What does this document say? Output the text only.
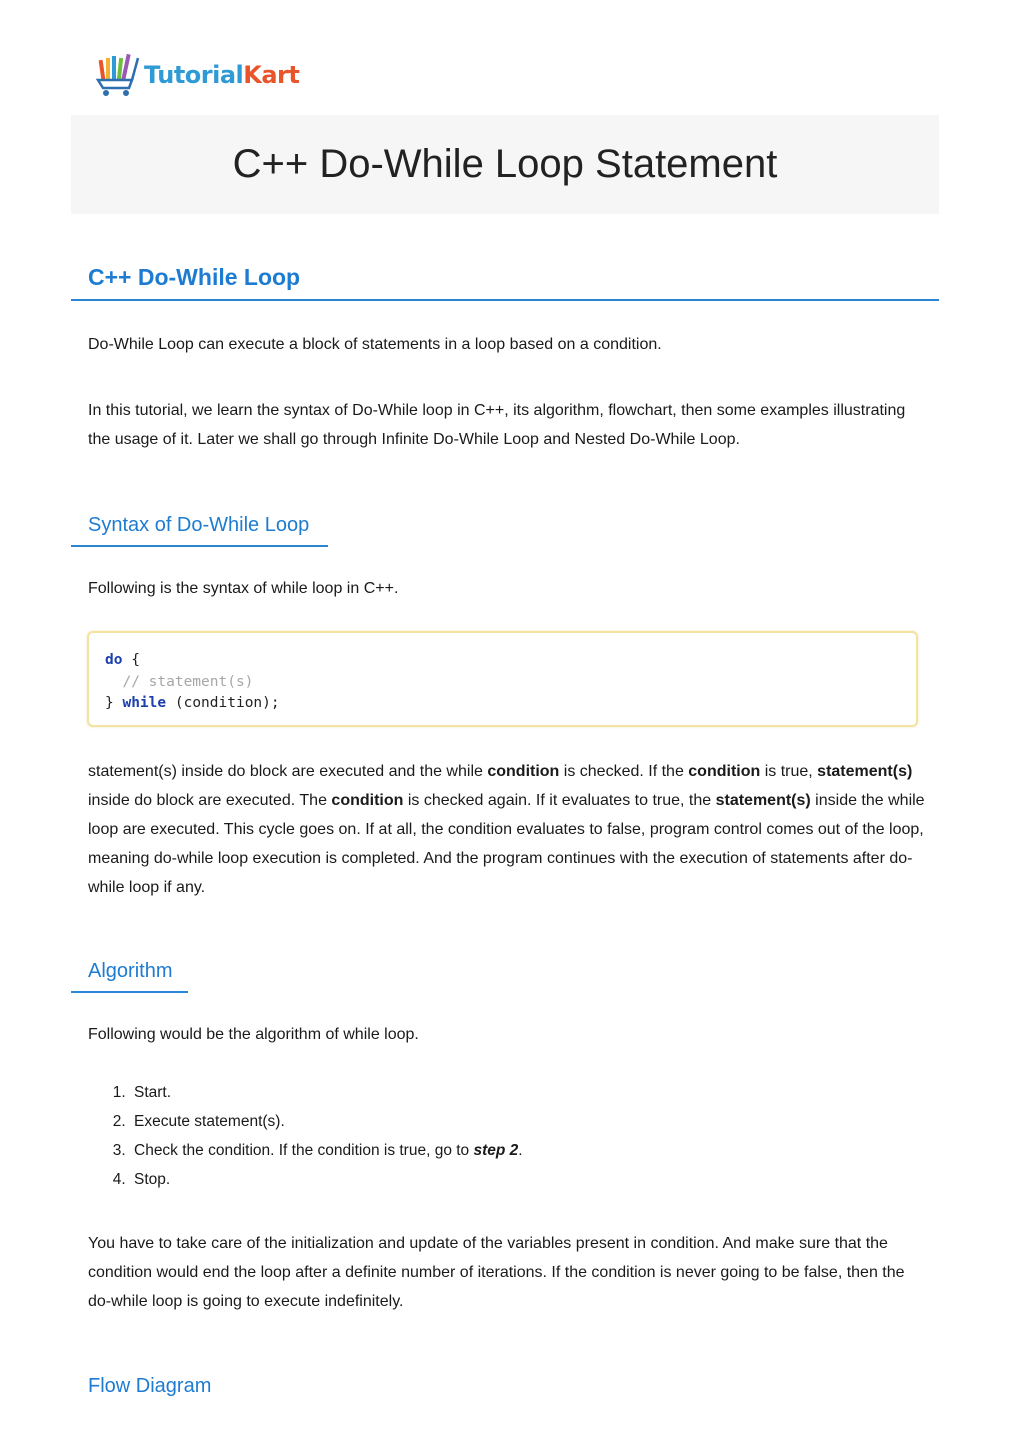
TutorialKart
C++ Do-While Loop Statement
C++ Do-While Loop

Do-While Loop can execute a block of statements in a loop based on a condition.

In this tutorial, we learn the syntax of Do-While loop in C++, its algorithm, flowchart, then some examples illustrating the usage of it. Later we shall go through Infinite Do-While Loop and Nested Do-While Loop.

Syntax of Do-While Loop

Following is the syntax of while loop in C++.

do {
// statement(s)
} while (condition);

statement(s) inside do block are executed and the while condition is checked. If the condition is true, statement(s) inside do block are executed. The condition is checked again. If it evaluates to true, the statement(s) inside the while loop are executed. This cycle goes on. If at all, the condition evaluates to false, program control comes out of the loop, meaning do-while loop execution is completed. And the program continues with the execution of statements after do-while loop if any.

Algorithm

Following would be the algorithm of while loop.

1. Start.
2. Execute statement(s).
3. Check the condition. If the condition is true, go to step 2.
4. Stop.

You have to take care of the initialization and update of the variables present in condition. And make sure that the condition would end the loop after a definite number of iterations. If the condition is never going to be false, then the do-while loop is going to execute indefinitely.

Flow Diagram
